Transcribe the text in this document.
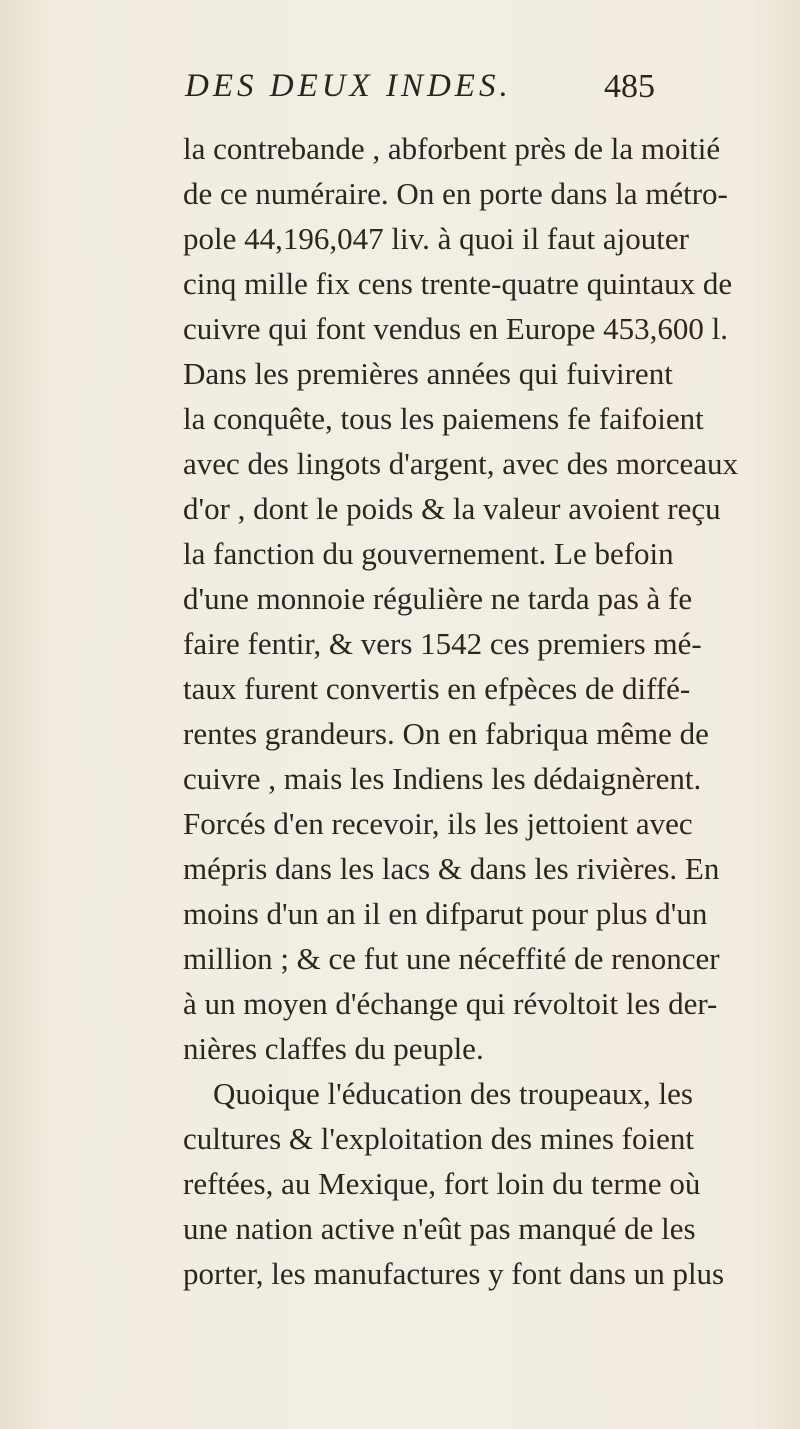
DES DEUX INDES.	485
la contrebande , abforbent près de la moitié
de ce numéraire. On en porte dans la métro-
pole 44,196,047 liv. à quoi il faut ajouter
cinq mille fix cens trente-quatre quintaux de
cuivre qui font vendus en Europe 453,600 l.
Dans les premières années qui fuivirent
la conquête, tous les paiemens fe faifoient
avec des lingots d'argent, avec des morceaux
d'or , dont le poids & la valeur avoient reçu
la fanction du gouvernement. Le befoin
d'une monnoie régulière ne tarda pas à fe
faire fentir, & vers 1542 ces premiers mé-
taux furent convertis en efpèces de diffé-
rentes grandeurs. On en fabriqua même de
cuivre , mais les Indiens les dédaignèrent.
Forcés d'en recevoir, ils les jettoient avec
mépris dans les lacs & dans les rivières. En
moins d'un an il en difparut pour plus d'un
million ; & ce fut une néceffité de renoncer
à un moyen d'échange qui révoltoit les der-
nières claffes du peuple.
Quoique l'éducation des troupeaux, les
cultures & l'exploitation des mines foient
reftées, au Mexique, fort loin du terme où
une nation active n'eût pas manqué de les
porter, les manufactures y font dans un plus
